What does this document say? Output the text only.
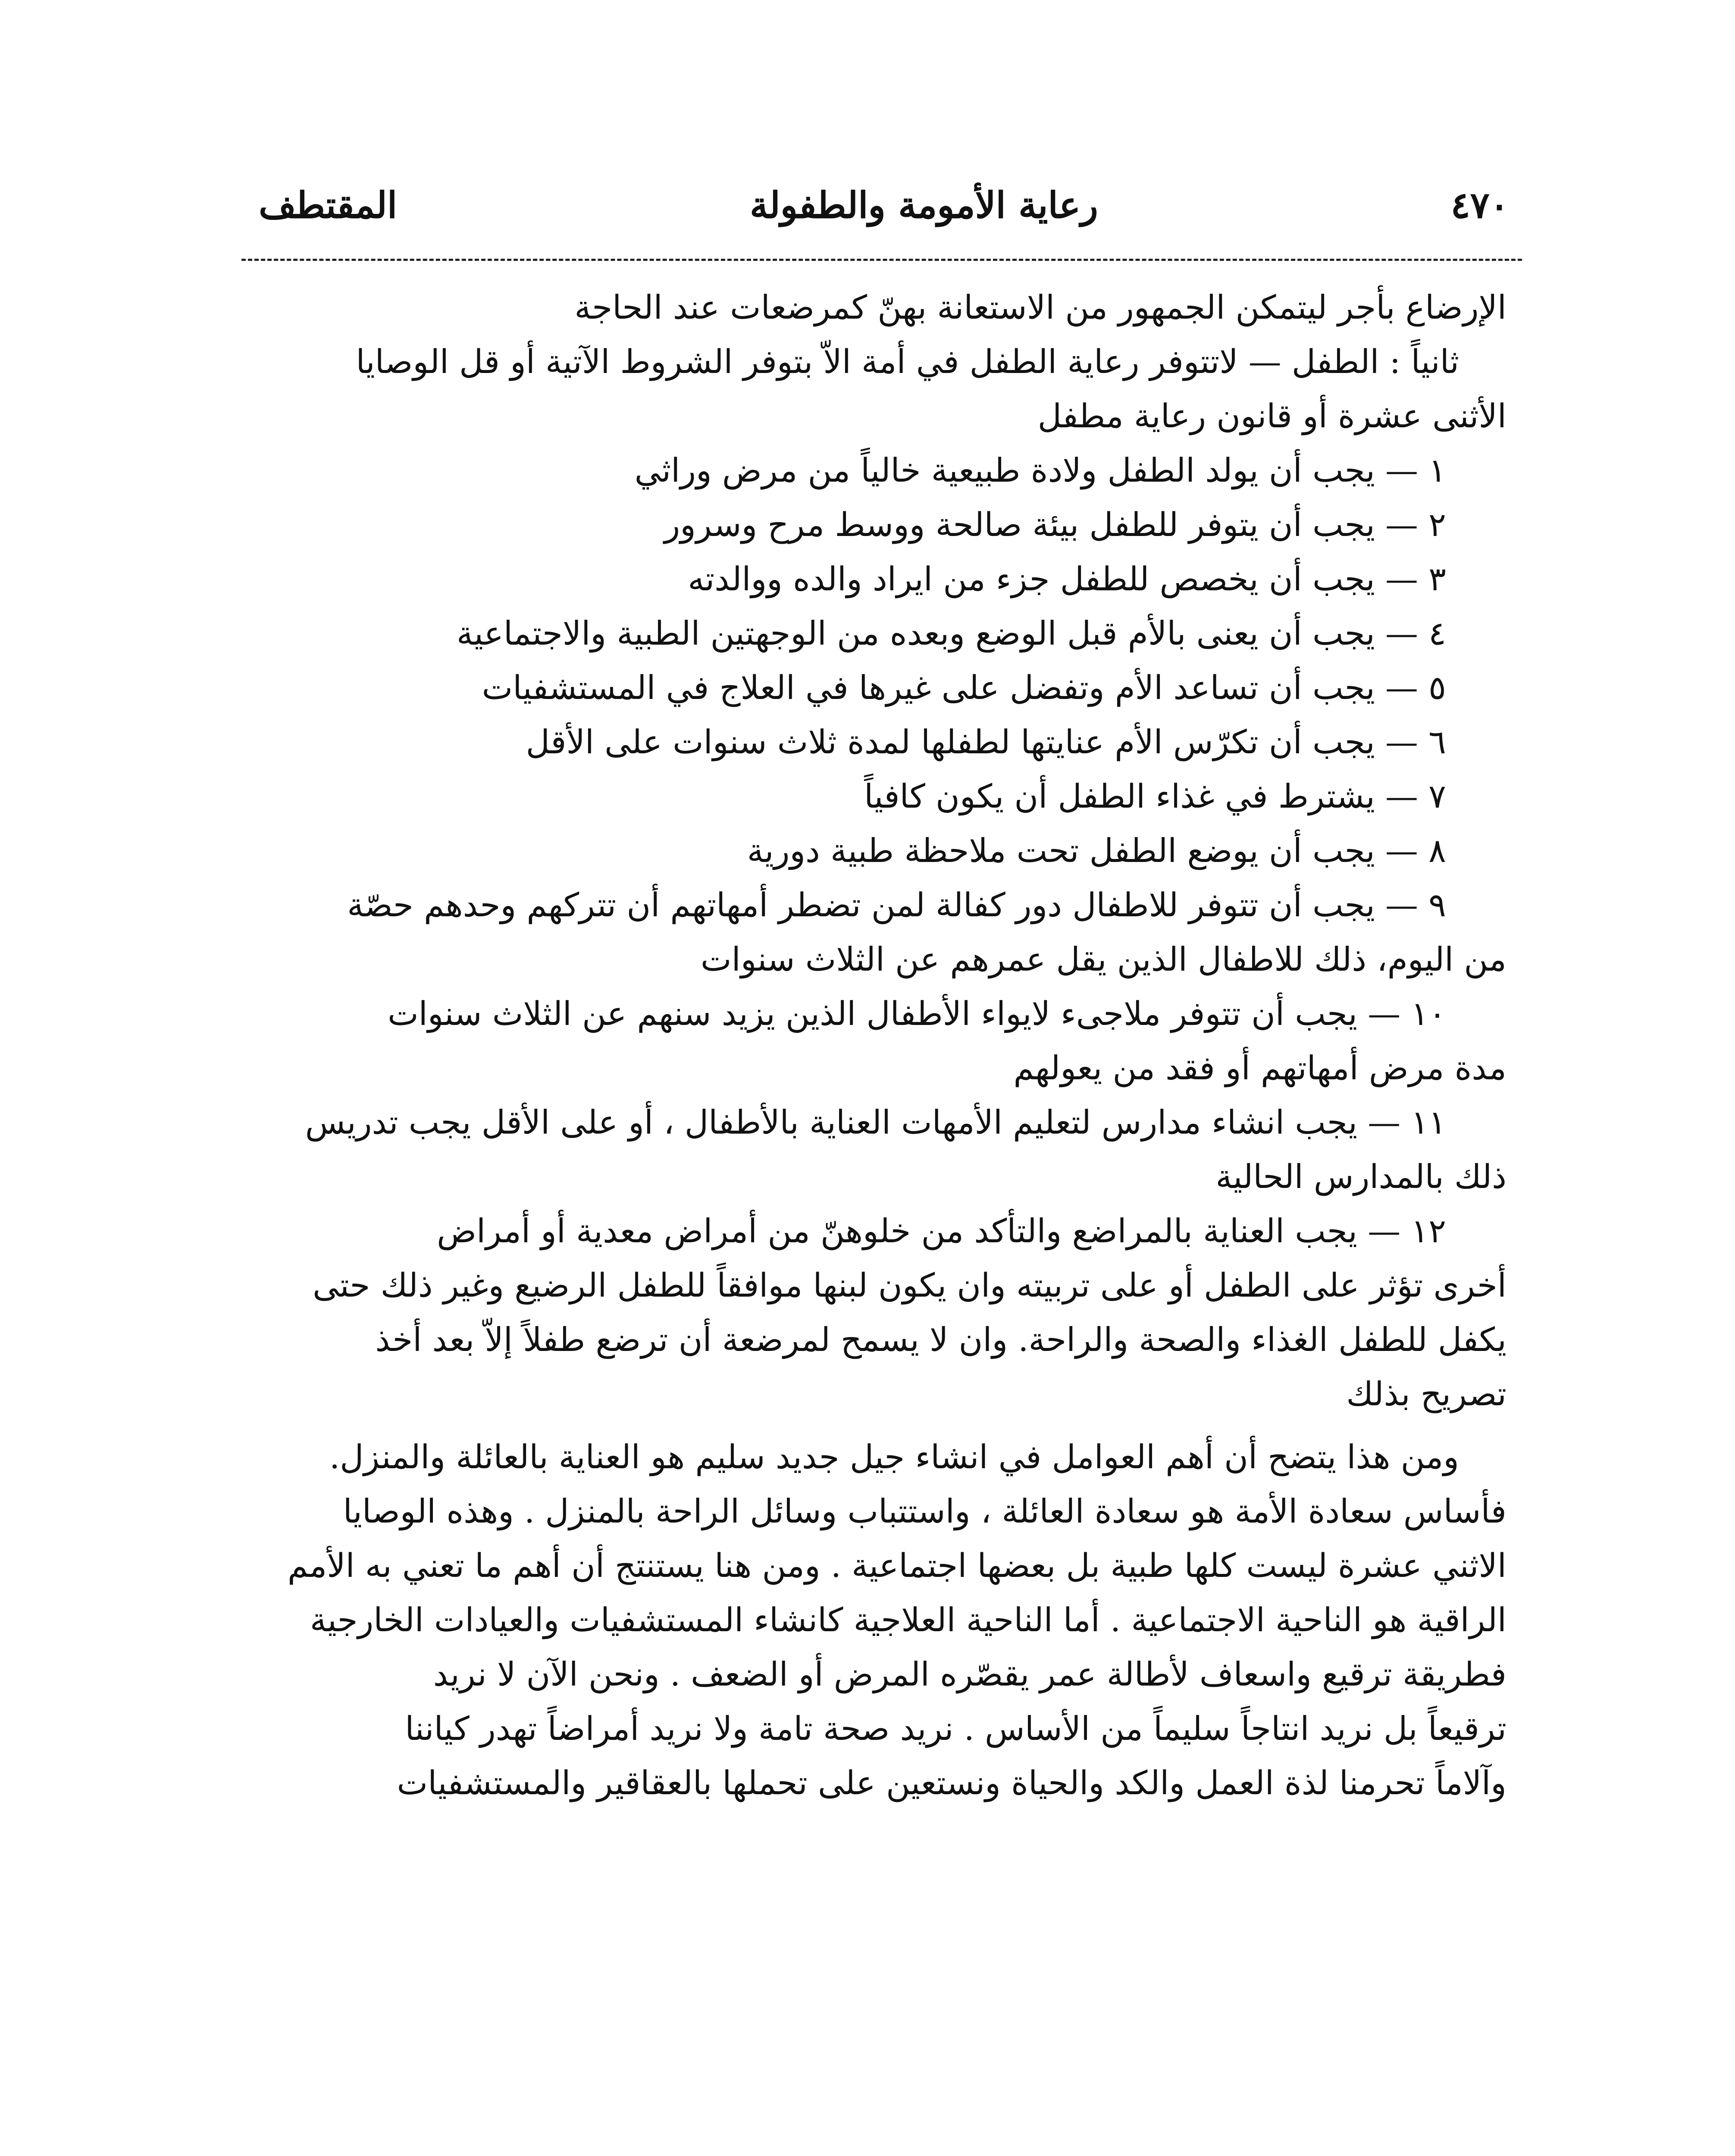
٤٧٠
رعاية الأمومة والطفولة
المقتطف
الإرضاع بأجر ليتمكن الجمهور من الاستعانة بهنّ كمرضعات عند الحاجة
ثانياً : الطفل — لاتتوفر رعاية الطفل في أمة الاّ بتوفر الشروط الآتية أو قل الوصايا
الأثنى عشرة أو قانون رعاية مطفل
١ — يجب أن يولد الطفل ولادة طبيعية خالياً من مرض وراثي
٢ — يجب أن يتوفر للطفل بيئة صالحة ووسط مرح وسرور
٣ — يجب أن يخصص للطفل جزء من ايراد والده ووالدته
٤ — يجب أن يعنى بالأم قبل الوضع وبعده من الوجهتين الطبية والاجتماعية
٥ — يجب أن تساعد الأم وتفضل على غيرها في العلاج في المستشفيات
٦ — يجب أن تكرّس الأم عنايتها لطفلها لمدة ثلاث سنوات على الأقل
٧ — يشترط في غذاء الطفل أن يكون كافياً
٨ — يجب أن يوضع الطفل تحت ملاحظة طبية دورية
٩ — يجب أن تتوفر للاطفال دور كفالة لمن تضطر أمهاتهم أن تتركهم وحدهم حصّة
من اليوم، ذلك للاطفال الذين يقل عمرهم عن الثلاث سنوات
١٠ — يجب أن تتوفر ملاجىء لايواء الأطفال الذين يزيد سنهم عن الثلاث سنوات
مدة مرض أمهاتهم أو فقد من يعولهم
١١ — يجب انشاء مدارس لتعليم الأمهات العناية بالأطفال ، أو على الأقل يجب تدريس
ذلك بالمدارس الحالية
١٢ — يجب العناية بالمراضع والتأكد من خلوهنّ من أمراض معدية أو أمراض
أخرى تؤثر على الطفل أو على تربيته وان يكون لبنها موافقاً للطفل الرضيع وغير ذلك حتى
يكفل للطفل الغذاء والصحة والراحة. وان لا يسمح لمرضعة أن ترضع طفلاً إلاّ بعد أخذ
تصريح بذلك
ومن هذا يتضح أن أهم العوامل في انشاء جيل جديد سليم هو العناية بالعائلة والمنزل.
فأساس سعادة الأمة هو سعادة العائلة ، واستتباب وسائل الراحة بالمنزل . وهذه الوصايا
الاثني عشرة ليست كلها طبية بل بعضها اجتماعية . ومن هنا يستنتج أن أهم ما تعني به الأمم
الراقية هو الناحية الاجتماعية . أما الناحية العلاجية كانشاء المستشفيات والعيادات الخارجية
فطريقة ترقيع واسعاف لأطالة عمر يقصّره المرض أو الضعف . ونحن الآن لا نريد
ترقيعاً بل نريد انتاجاً سليماً من الأساس . نريد صحة تامة ولا نريد أمراضاً تهدر كياننا
وآلاماً تحرمنا لذة العمل والكد والحياة ونستعين على تحملها بالعقاقير والمستشفيات
